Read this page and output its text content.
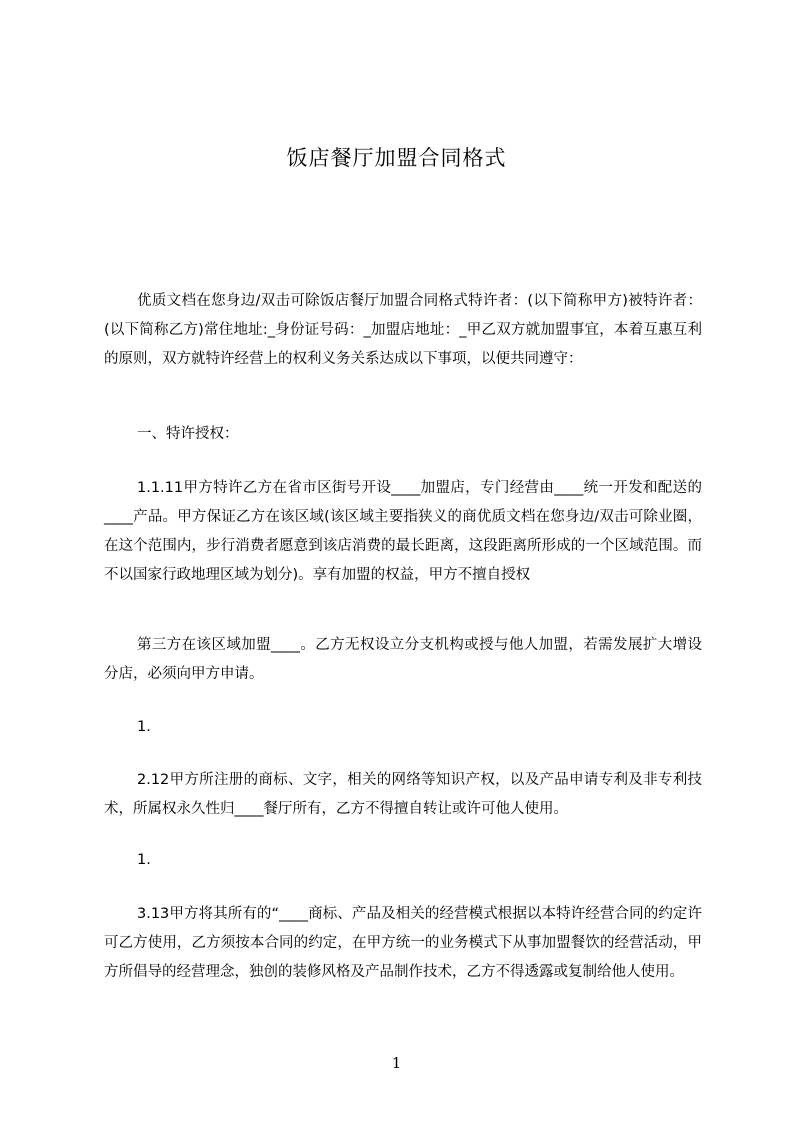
饭店餐厅加盟合同格式

优质文档在您身边/双击可除饭店餐厅加盟合同格式特许者：(以下简称甲方)被特许者：(以下简称乙方)常住地址:_身份证号码：_加盟店地址：_甲乙双方就加盟事宜，本着互惠互利的原则，双方就特许经营上的权利义务关系达成以下事项，以便共同遵守：

一、特许授权：

1.1.11甲方特许乙方在省市区街号开设____加盟店，专门经营由____统一开发和配送的____产品。甲方保证乙方在该区域(该区域主要指狭义的商优质文档在您身边/双击可除业圈，在这个范围内，步行消费者愿意到该店消费的最长距离，这段距离所形成的一个区域范围。而不以国家行政地理区域为划分)。享有加盟的权益，甲方不擅自授权

第三方在该区域加盟____。乙方无权设立分支机构或授与他人加盟，若需发展扩大增设分店，必须向甲方申请。

1.

2.12甲方所注册的商标、文字，相关的网络等知识产权，以及产品申请专利及非专利技术，所属权永久性归____餐厅所有，乙方不得擅自转让或许可他人使用。

1.

3.13甲方将其所有的“____商标、产品及相关的经营模式根据以本特许经营合同的约定许可乙方使用，乙方须按本合同的约定，在甲方统一的业务模式下从事加盟餐饮的经营活动，甲方所倡导的经营理念，独创的装修风格及产品制作技术，乙方不得透露或复制给他人使用。

1
